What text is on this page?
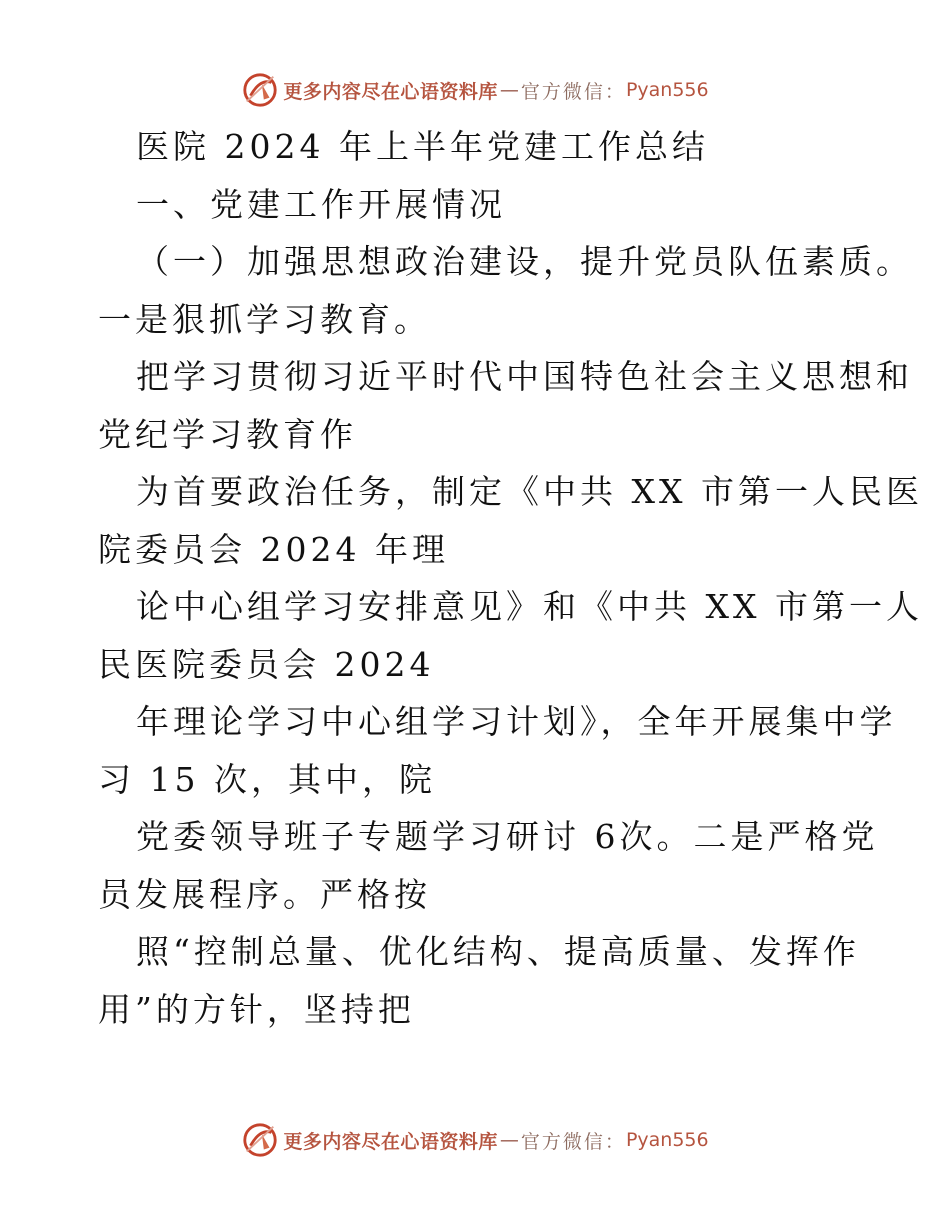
更多内容尽在心语资料库 — 官方微信： Pyan556
医院 2024 年上半年党建工作总结
一、党建工作开展情况
（一）加强思想政治建设，提升党员队伍素质。
一是狠抓学习教育。
把学习贯彻习近平时代中国特色社会主义思想和
党纪学习教育作
为首要政治任务，制定《中共 XX 市第一人民医
院委员会 2024 年理
论中心组学习安排意见》和《中共 XX 市第一人
民医院委员会 2024
年理论学习中心组学习计划》，全年开展集中学
习 15 次，其中，院
党委领导班子专题学习研讨 6次。二是严格党
员发展程序。严格按
照“控制总量、优化结构、提高质量、发挥作
用”的方针，坚持把
更多内容尽在心语资料库 — 官方微信： Pyan556
